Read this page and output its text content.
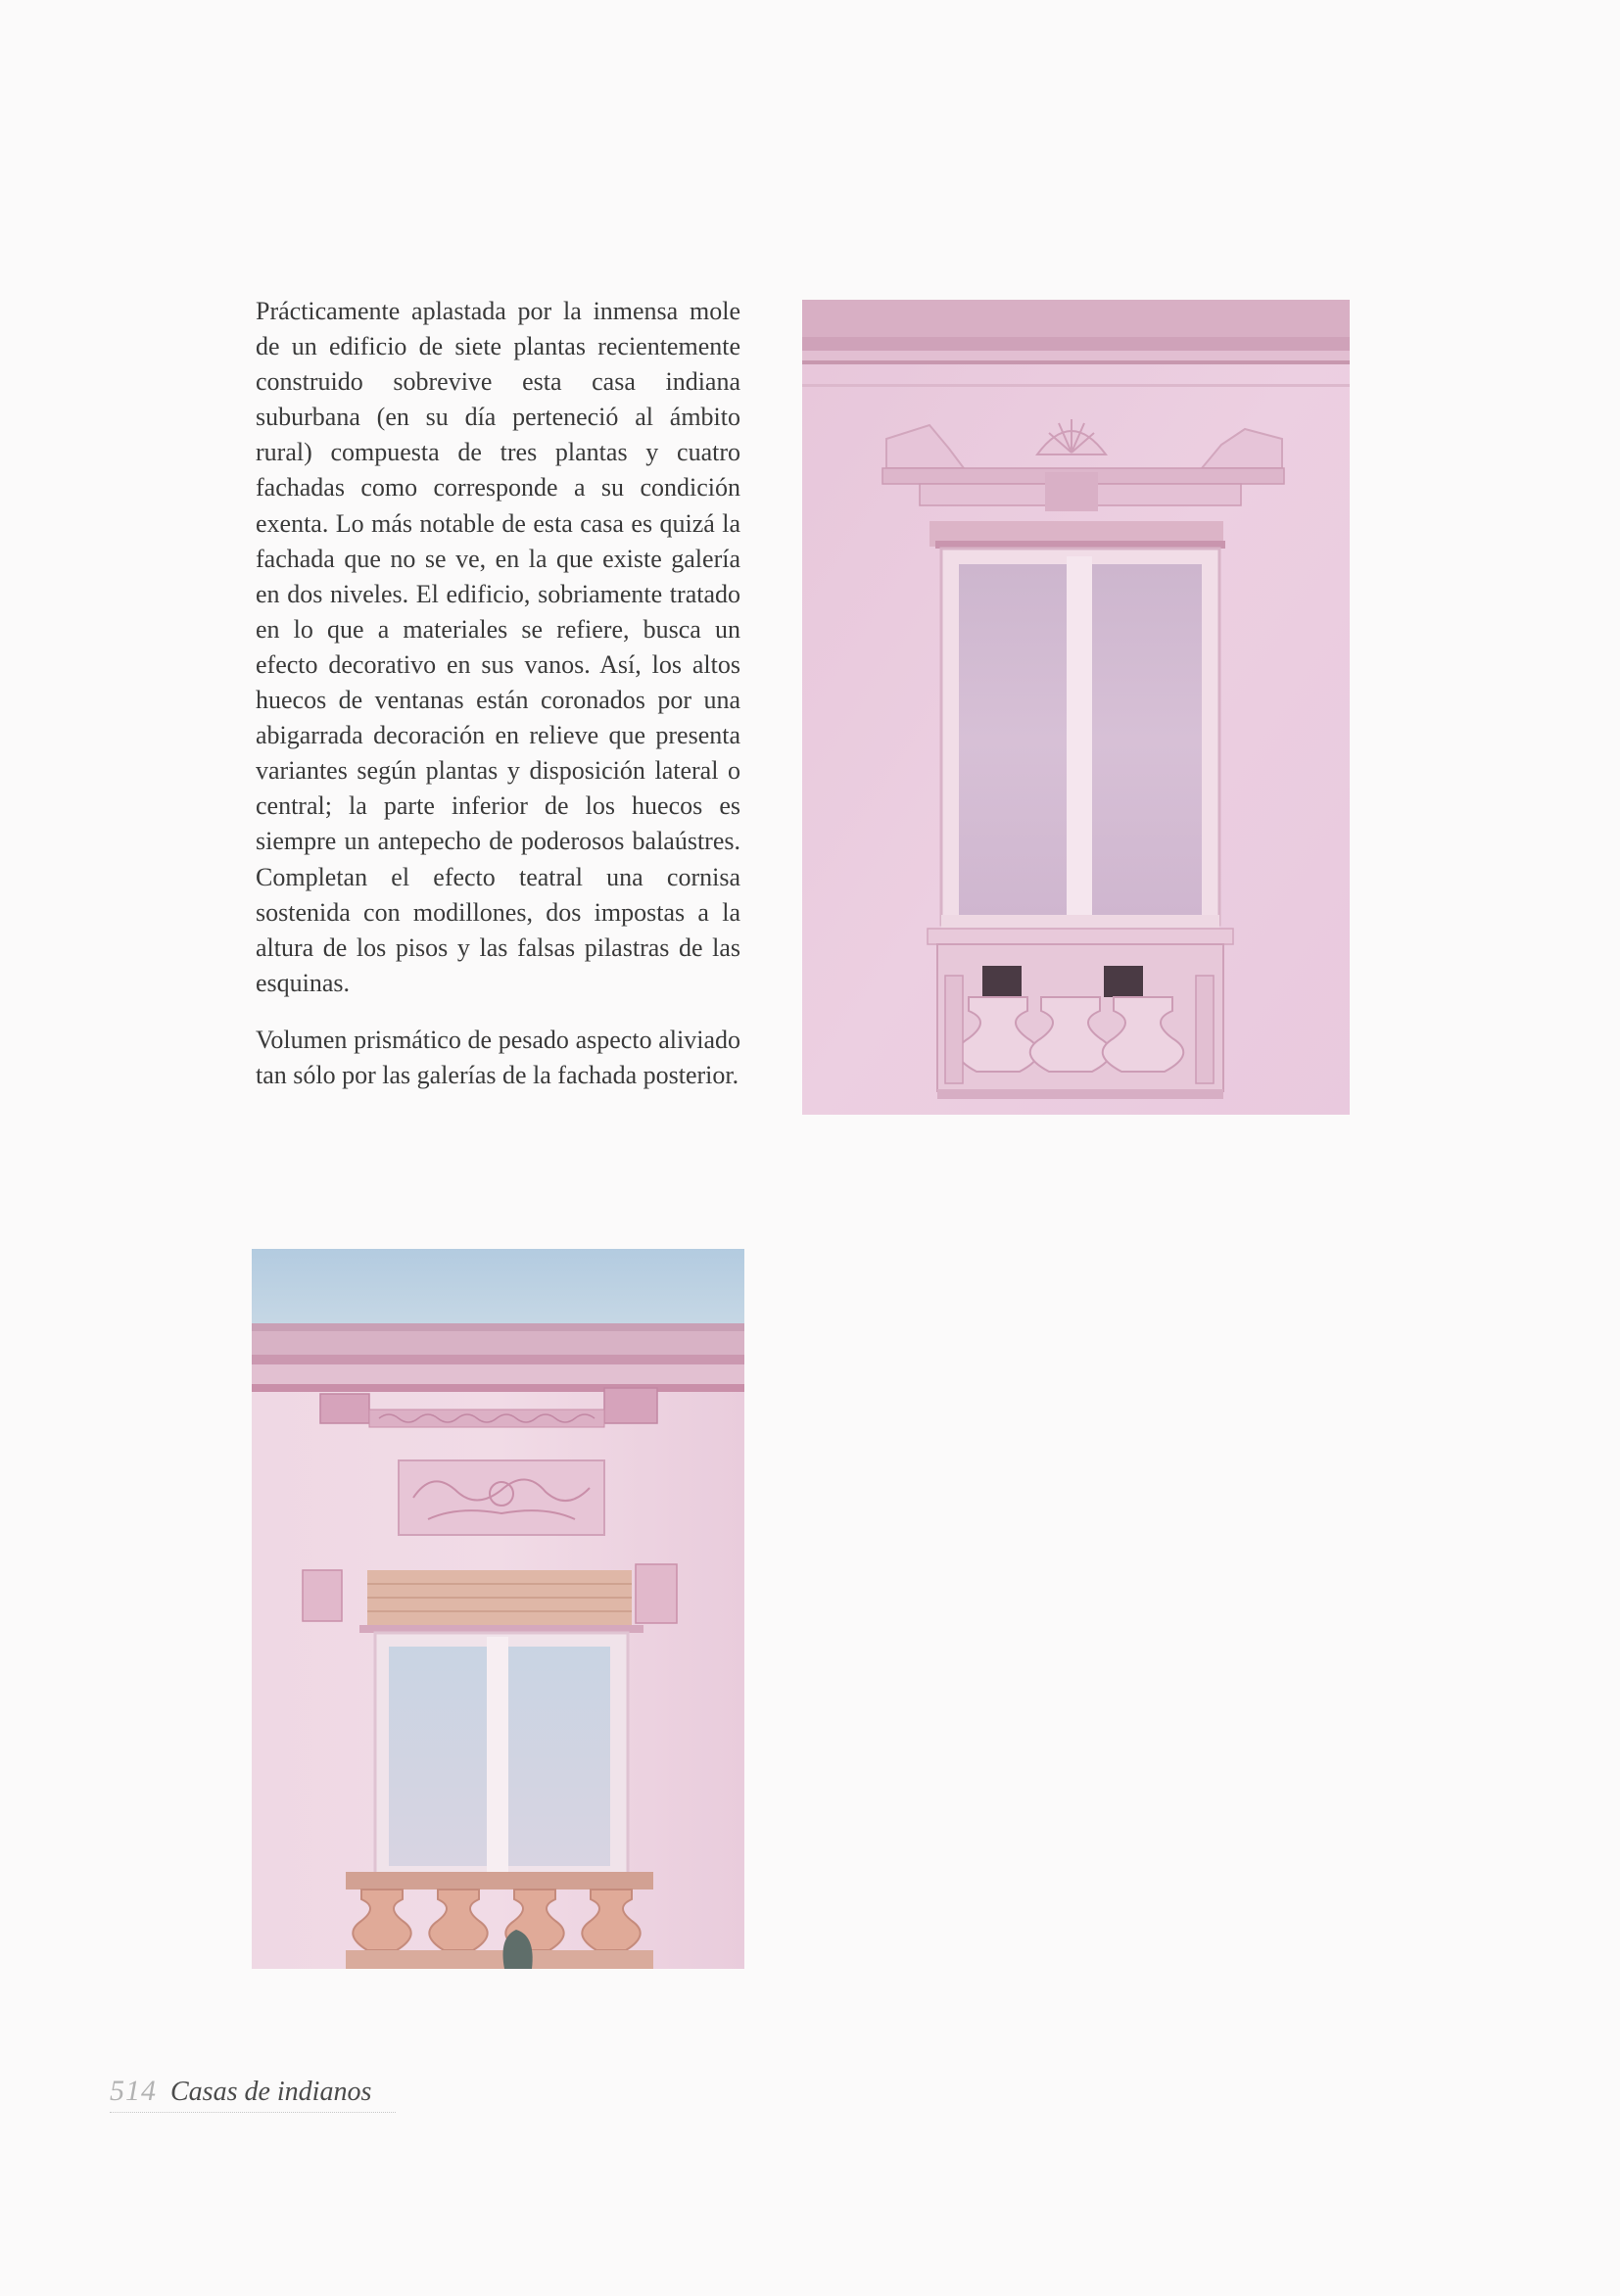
Prácticamente aplastada por la inmensa mole de un edificio de siete plantas recientemente construido sobrevive esta casa indiana suburbana (en su día perteneció al ámbito rural) compuesta de tres plantas y cuatro fachadas como corresponde a su condición exenta. Lo más notable de esta casa es quizá la fachada que no se ve, en la que existe galería en dos niveles. El edificio, sobriamente tratado en lo que a materiales se refiere, busca un efecto decorativo en sus vanos. Así, los altos huecos de ventanas están coronados por una abigarrada decoración en relieve que presenta variantes según plantas y disposición lateral o central; la parte inferior de los huecos es siempre un antepecho de poderosos balaústres. Completan el efecto teatral una cornisa sostenida con modillones, dos impostas a la altura de los pisos y las falsas pilastras de las esquinas.

Volumen prismático de pesado aspecto aliviado tan sólo por las galerías de la fachada posterior.

514 Casas de indianos
